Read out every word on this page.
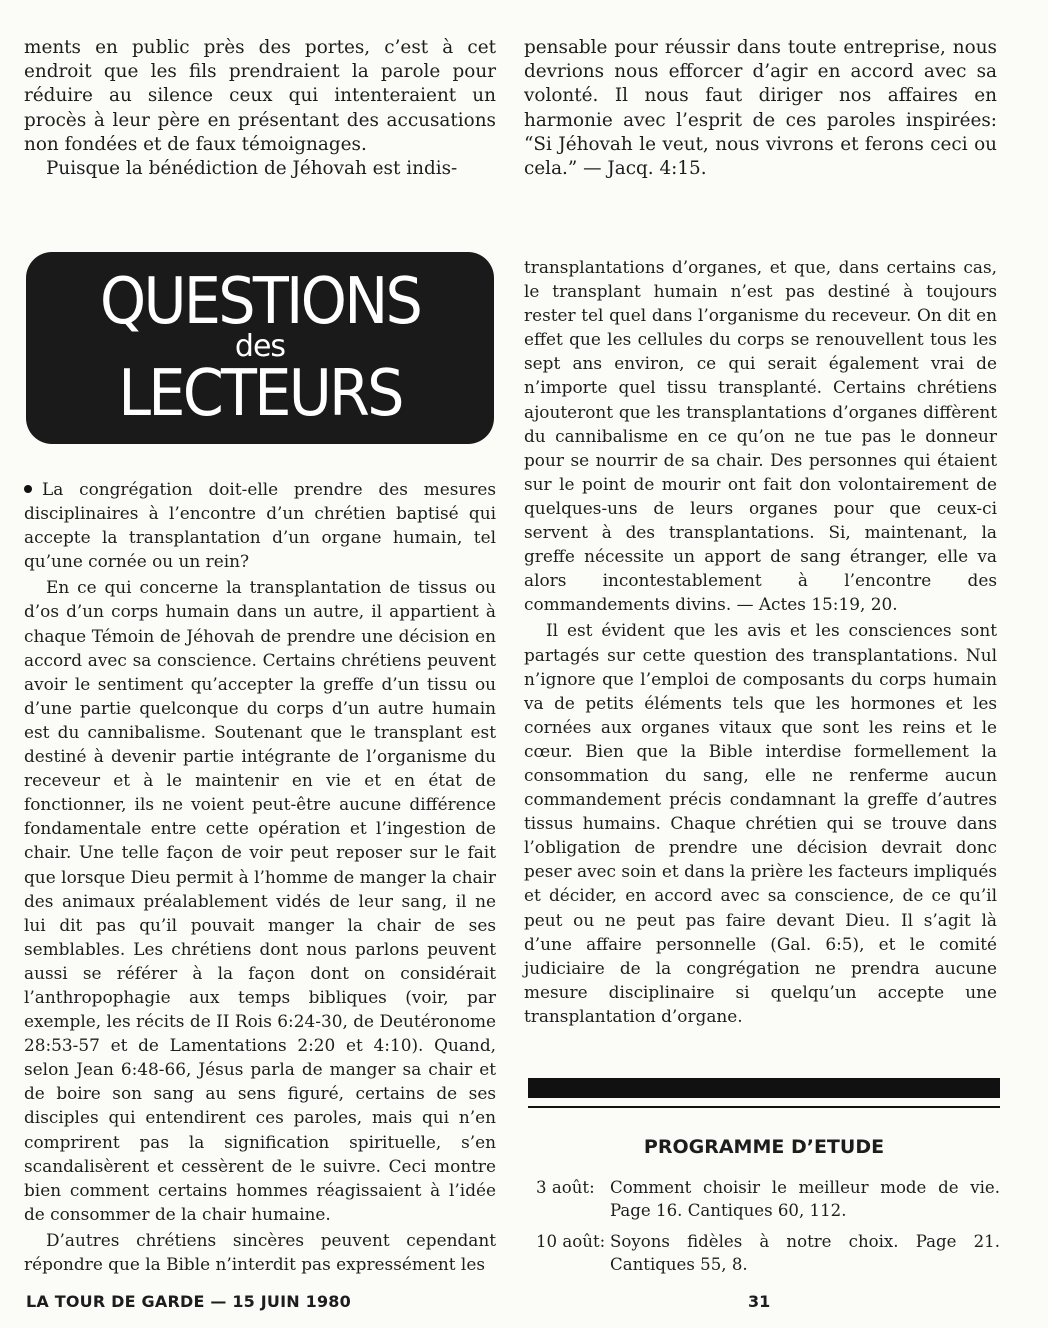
ments en public près des portes, c’est à cet endroit que les fils prendraient la parole pour réduire au silence ceux qui intenteraient un procès à leur père en présentant des accusations non fondées et de faux témoignages.

Puisque la bénédiction de Jéhovah est indis-

pensable pour réussir dans toute entreprise, nous devrions nous efforcer d’agir en accord avec sa volonté. Il nous faut diriger nos affaires en harmonie avec l’esprit de ces paroles inspirées: “Si Jéhovah le veut, nous vivrons et ferons ceci ou cela.” — Jacq. 4:15.

QUESTIONS
des
LECTEURS

La congrégation doit-elle prendre des mesures disciplinaires à l’encontre d’un chrétien baptisé qui accepte la transplantation d’un organe humain, tel qu’une cornée ou un rein?

En ce qui concerne la transplantation de tissus ou d’os d’un corps humain dans un autre, il appartient à chaque Témoin de Jéhovah de prendre une décision en accord avec sa conscience. Certains chrétiens peuvent avoir le sentiment qu’accepter la greffe d’un tissu ou d’une partie quelconque du corps d’un autre humain est du cannibalisme. Soutenant que le transplant est destiné à devenir partie intégrante de l’organisme du receveur et à le maintenir en vie et en état de fonctionner, ils ne voient peut-être aucune différence fondamentale entre cette opération et l’ingestion de chair. Une telle façon de voir peut reposer sur le fait que lorsque Dieu permit à l’homme de manger la chair des animaux préalablement vidés de leur sang, il ne lui dit pas qu’il pouvait manger la chair de ses semblables. Les chrétiens dont nous parlons peuvent aussi se référer à la façon dont on considérait l’anthropophagie aux temps bibliques (voir, par exemple, les récits de II Rois 6:24-30, de Deutéronome 28:53-57 et de Lamentations 2:20 et 4:10). Quand, selon Jean 6:48-66, Jésus parla de manger sa chair et de boire son sang au sens figuré, certains de ses disciples qui entendirent ces paroles, mais qui n’en comprirent pas la signification spirituelle, s’en scandalisèrent et cessèrent de le suivre. Ceci montre bien comment certains hommes réagissaient à l’idée de consommer de la chair humaine.

D’autres chrétiens sincères peuvent cependant répondre que la Bible n’interdit pas expressément les

transplantations d’organes, et que, dans certains cas, le transplant humain n’est pas destiné à toujours rester tel quel dans l’organisme du receveur. On dit en effet que les cellules du corps se renouvellent tous les sept ans environ, ce qui serait également vrai de n’importe quel tissu transplanté. Certains chrétiens ajouteront que les transplantations d’organes diffèrent du cannibalisme en ce qu’on ne tue pas le donneur pour se nourrir de sa chair. Des personnes qui étaient sur le point de mourir ont fait don volontairement de quelques-uns de leurs organes pour que ceux-ci servent à des transplantations. Si, maintenant, la greffe nécessite un apport de sang étranger, elle va alors incontestablement à l’encontre des commandements divins. — Actes 15:19, 20.

Il est évident que les avis et les consciences sont partagés sur cette question des transplantations. Nul n’ignore que l’emploi de composants du corps humain va de petits éléments tels que les hormones et les cornées aux organes vitaux que sont les reins et le cœur. Bien que la Bible interdise formellement la consommation du sang, elle ne renferme aucun commandement précis condamnant la greffe d’autres tissus humains. Chaque chrétien qui se trouve dans l’obligation de prendre une décision devrait donc peser avec soin et dans la prière les facteurs impliqués et décider, en accord avec sa conscience, de ce qu’il peut ou ne peut pas faire devant Dieu. Il s’agit là d’une affaire personnelle (Gal. 6:5), et le comité judiciaire de la congrégation ne prendra aucune mesure disciplinaire si quelqu’un accepte une transplantation d’organe.

PROGRAMME D’ETUDE
3 août: Comment choisir le meilleur mode de vie. Page 16. Cantiques 60, 112.
10 août: Soyons fidèles à notre choix. Page 21. Cantiques 55, 8.
LA TOUR DE GARDE — 15 JUIN 1980	31
